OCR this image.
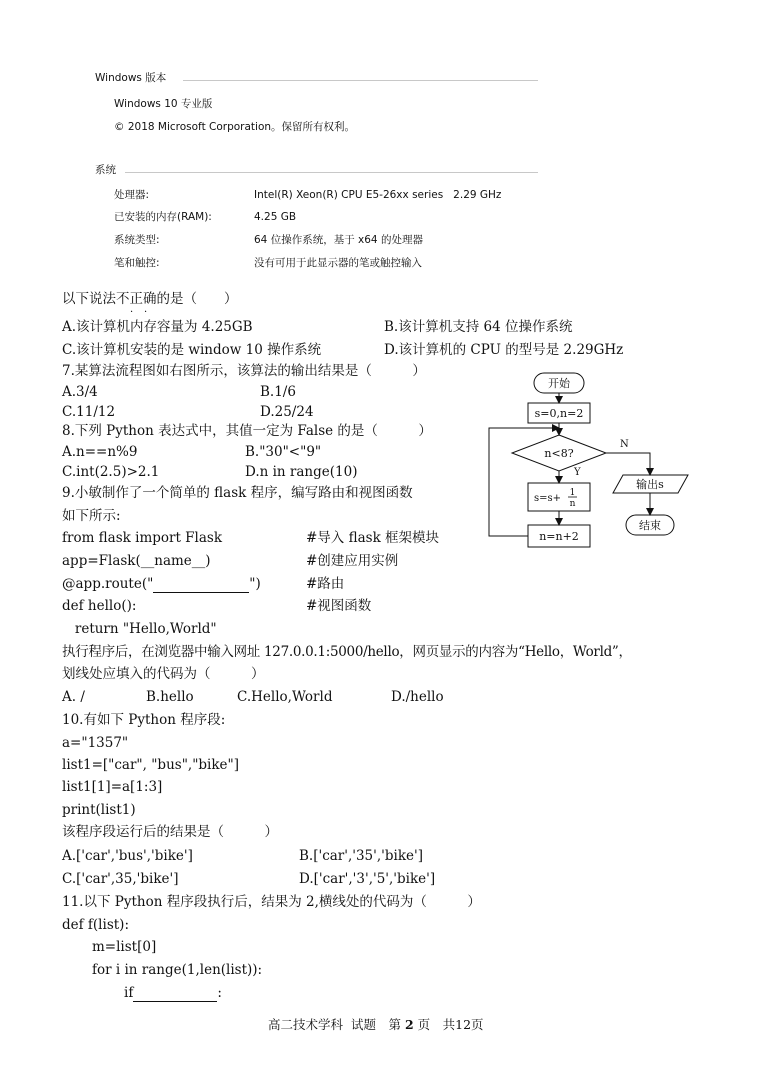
Windows 版本
Windows 10 专业版
© 2018 Microsoft Corporation。保留所有权利。
系统
处理器:	Intel(R) Xeon(R) CPU E5-26xx series   2.29 GHz
已安装的内存(RAM):	4.25 GB
系统类型:	64 位操作系统，基于 x64 的处理器
笔和触控:	没有可用于此显示器的笔或触控输入
以下说法不正确的是（　　）
· ·
A.该计算机内存容量为 4.25GB	B.该计算机支持 64 位操作系统
C.该计算机安装的是 window 10 操作系统	D.该计算机的 CPU 的型号是 2.29GHz
7.某算法流程图如右图所示，该算法的输出结果是（　　　）
A.3/4	B.1/6
C.11/12	D.25/24
8.下列 Python 表达式中，其值一定为 False 的是（　　　）
A.n==n%9	B."30"<"9"
C.int(2.5)>2.1	D.n in range(10)
9.小敏制作了一个简单的 flask 程序，编写路由和视图函数
如下所示:
from flask import Flask	#导入 flask 框架模块
app=Flask(__name__)	#创建应用实例
@app.route("	")	#路由
def hello():	#视图函数
return "Hello,World"
执行程序后，在浏览器中输入网址 127.0.0.1:5000/hello，网页显示的内容为“Hello，World”，
划线处应填入的代码为（　　　）
A. /	B.hello	C.Hello,World	D./hello
10.有如下 Python 程序段:
a="1357"
list1=["car", "bus","bike"]
list1[1]=a[1:3]
print(list1)
该程序段运行后的结果是（　　　）
A.['car','bus','bike']	B.['car','35','bike']
C.['car',35,'bike']	D.['car','3','5','bike']
11.以下 Python 程序段执行后，结果为 2,横线处的代码为（　　　）
def f(list):
m=list[0]
for i in range(1,len(list)):
if	:
开始
s=0,n=2
n<8?
Y
N
s=s+ 1
n
n=n+2
输出s
结束
高二技术学科  试题　第 2 页　共12页
